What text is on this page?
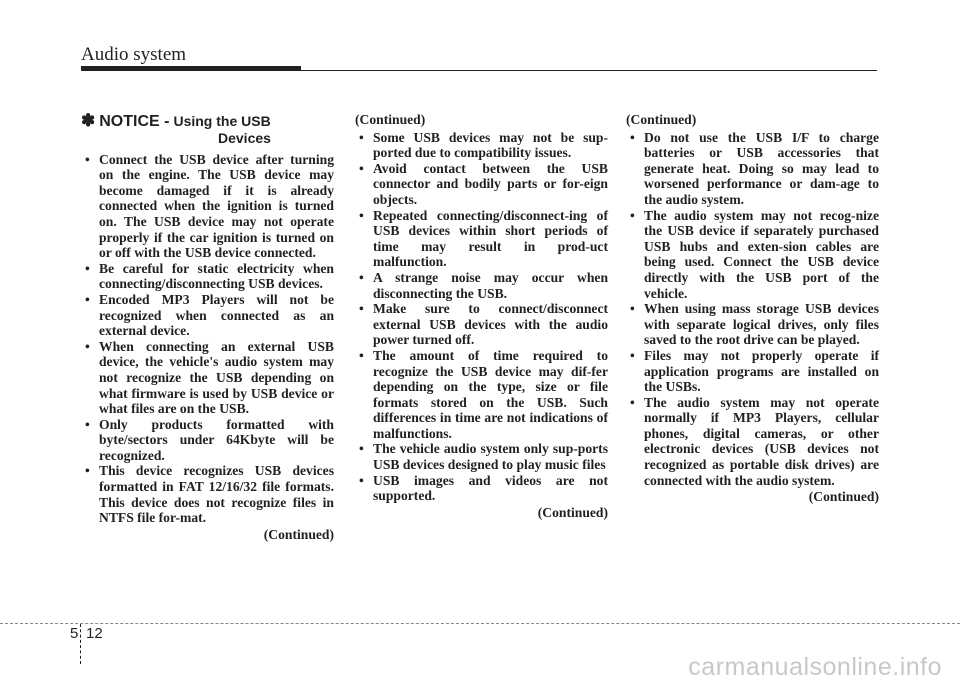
Audio system
✽ NOTICE - Using the USB
Devices
• Connect the USB device after turning on the engine. The USB device may become damaged if it is already connected when the ignition is turned on. The USB device may not operate properly if the car ignition is turned on or off with the USB device connected.
• Be careful for static electricity when connecting/disconnecting USB devices.
• Encoded MP3 Players will not be recognized when connected as an external device.
• When connecting an external USB device, the vehicle's audio system may not recognize the USB depending on what firmware is used by USB device or what files are on the USB.
• Only products formatted with byte/sectors under 64Kbyte will be recognized.
• This device recognizes USB devices formatted in FAT 12/16/32 file formats. This device does not recognize files in NTFS file for-mat.
(Continued)
(Continued)
• Some USB devices may not be sup-ported due to compatibility issues.
• Avoid contact between the USB connector and bodily parts or for-eign objects.
• Repeated connecting/disconnect-ing of USB devices within short periods of time may result in prod-uct malfunction.
• A strange noise may occur when disconnecting the USB.
• Make sure to connect/disconnect external USB devices with the audio power turned off.
• The amount of time required to recognize the USB device may dif-fer depending on the type, size or file formats stored on the USB. Such differences in time are not indications of malfunctions.
• The vehicle audio system only sup-ports USB devices designed to play music files
• USB images and videos are not supported.
(Continued)
(Continued)
• Do not use the USB I/F to charge batteries or USB accessories that generate heat. Doing so may lead to worsened performance or dam-age to the audio system.
• The audio system may not recog-nize the USB device if separately purchased USB hubs and exten-sion cables are being used. Connect the USB device directly with the USB port of the vehicle.
• When using mass storage USB devices with separate logical drives, only files saved to the root drive can be played.
• Files may not properly operate if application programs are installed on the USBs.
• The audio system may not operate normally if MP3 Players, cellular phones, digital cameras, or other electronic devices (USB devices not recognized as portable disk drives) are connected with the audio system.
(Continued)
5 12
carmanualsonline.info
